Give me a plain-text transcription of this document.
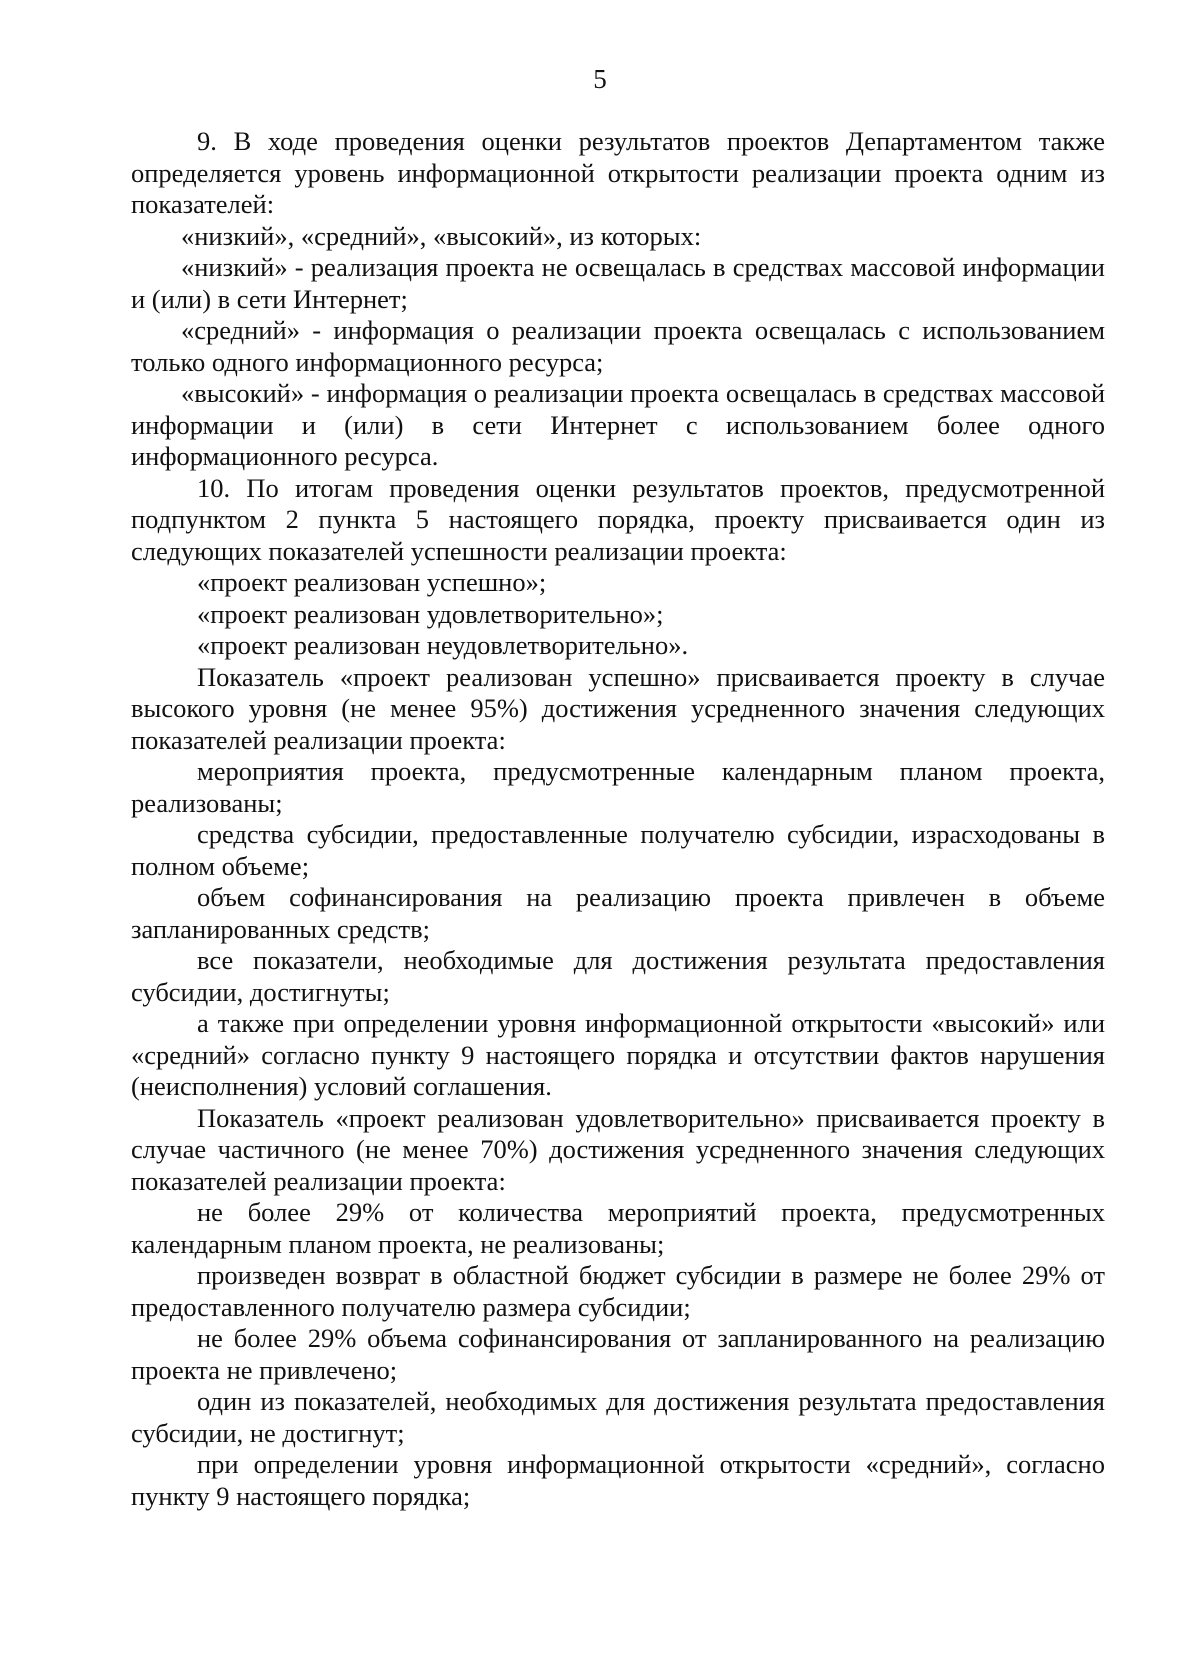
5

9. В ходе проведения оценки результатов проектов Департаментом также определяется уровень информационной открытости реализации проекта одним из показателей:

«низкий», «средний», «высокий», из которых:

«низкий» - реализация проекта не освещалась в средствах массовой информации и (или) в сети Интернет;

«средний» - информация о реализации проекта освещалась с использованием только одного информационного ресурса;

«высокий» - информация о реализации проекта освещалась в средствах массовой информации и (или) в сети Интернет с использованием более одного информационного ресурса.

10. По итогам проведения оценки результатов проектов, предусмотренной подпунктом 2 пункта 5 настоящего порядка, проекту присваивается один из следующих показателей успешности реализации проекта:

«проект реализован успешно»;

«проект реализован удовлетворительно»;

«проект реализован неудовлетворительно».

Показатель «проект реализован успешно» присваивается проекту в случае высокого уровня (не менее 95%) достижения усредненного значения следующих показателей реализации проекта:

мероприятия проекта, предусмотренные календарным планом проекта, реализованы;

средства субсидии, предоставленные получателю субсидии, израсходованы в полном объеме;

объем софинансирования на реализацию проекта привлечен в объеме запланированных средств;

все показатели, необходимые для достижения результата предоставления субсидии, достигнуты;

а также при определении уровня информационной открытости «высокий» или «средний» согласно пункту 9 настоящего порядка и отсутствии фактов нарушения (неисполнения) условий соглашения.

Показатель «проект реализован удовлетворительно» присваивается проекту в случае частичного (не менее 70%) достижения усредненного значения следующих показателей реализации проекта:

не более 29% от количества мероприятий проекта, предусмотренных календарным планом проекта, не реализованы;

произведен возврат в областной бюджет субсидии в размере не более 29% от предоставленного получателю размера субсидии;

не более 29% объема софинансирования от запланированного на реализацию проекта не привлечено;

один из показателей, необходимых для достижения результата предоставления субсидии, не достигнут;

при определении уровня информационной открытости «средний», согласно пункту 9 настоящего порядка;
